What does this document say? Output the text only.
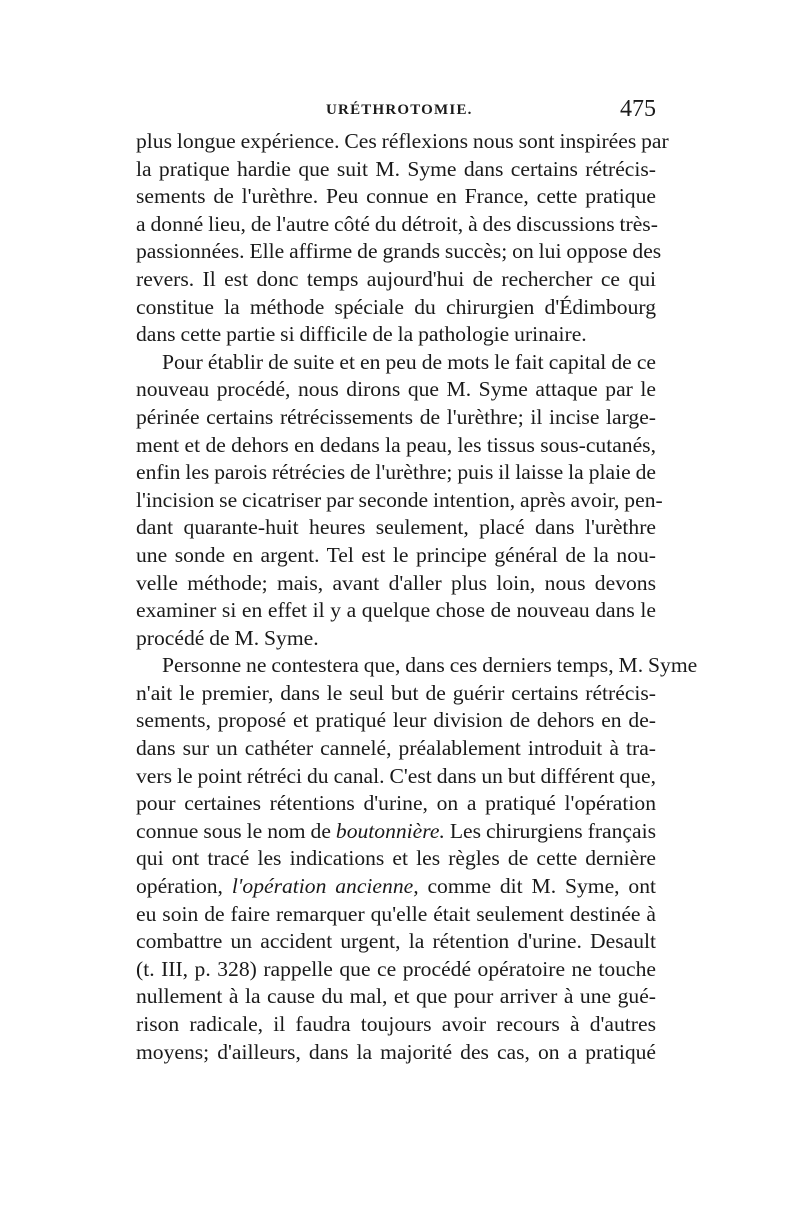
URÉTHROTOMIE.	475
plus longue expérience. Ces réflexions nous sont inspirées par
la pratique hardie que suit M. Syme dans certains rétrécis-
sements de l'urèthre. Peu connue en France, cette pratique
a donné lieu, de l'autre côté du détroit, à des discussions très-
passionnées. Elle affirme de grands succès; on lui oppose des
revers. Il est donc temps aujourd'hui de rechercher ce qui
constitue la méthode spéciale du chirurgien d'Édimbourg
dans cette partie si difficile de la pathologie urinaire.
Pour établir de suite et en peu de mots le fait capital de ce
nouveau procédé, nous dirons que M. Syme attaque par le
périnée certains rétrécissements de l'urèthre; il incise large-
ment et de dehors en dedans la peau, les tissus sous-cutanés,
enfin les parois rétrécies de l'urèthre; puis il laisse la plaie de
l'incision se cicatriser par seconde intention, après avoir, pen-
dant quarante-huit heures seulement, placé dans l'urèthre
une sonde en argent. Tel est le principe général de la nou-
velle méthode; mais, avant d'aller plus loin, nous devons
examiner si en effet il y a quelque chose de nouveau dans le
procédé de M. Syme.
Personne ne contestera que, dans ces derniers temps, M. Syme
n'ait le premier, dans le seul but de guérir certains rétrécis-
sements, proposé et pratiqué leur division de dehors en de-
dans sur un cathéter cannelé, préalablement introduit à tra-
vers le point rétréci du canal. C'est dans un but différent que,
pour certaines rétentions d'urine, on a pratiqué l'opération
connue sous le nom de boutonnière. Les chirurgiens français
qui ont tracé les indications et les règles de cette dernière
opération, l'opération ancienne, comme dit M. Syme, ont
eu soin de faire remarquer qu'elle était seulement destinée à
combattre un accident urgent, la rétention d'urine. Desault
(t. III, p. 328) rappelle que ce procédé opératoire ne touche
nullement à la cause du mal, et que pour arriver à une gué-
rison radicale, il faudra toujours avoir recours à d'autres
moyens; d'ailleurs, dans la majorité des cas, on a pratiqué
